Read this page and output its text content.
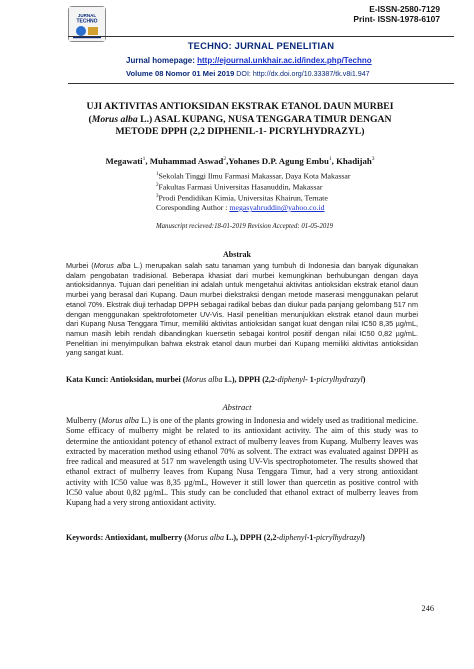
JURNAL
TECHNO
E-ISSN-2580-7129
Print- ISSN-1978-6107
TECHNO: JURNAL PENELITIAN
Jurnal homepage: http://ejournal.unkhair.ac.id/index.php/Techno
Volume 08 Nomor 01 Mei 2019 DOI: http://dx.doi.org/10.33387/tk.v8i1.947
UJI AKTIVITAS ANTIOKSIDAN EKSTRAK ETANOL DAUN MURBEI
(Morus alba L.) ASAL KUPANG, NUSA TENGGARA TIMUR DENGAN
METODE DPPH (2,2 DIPHENIL-1- PICRYLHYDRAZYL)
Megawati$^1$, Muhammad Aswad$^2$,Yohanes D.P. Agung Embu$^1$, Khadijah$^3$
$^1$Sekolah Tinggi Ilmu Farmasi Makassar, Daya Kota Makassar
$^2$Fakultas Farmasi Universitas Hasanuddin, Makassar
$^3$Prodi Pendidikan Kimia, Universitas Khairun, Ternate
Coresponding Author : megasyahruddin@yahoo.co.id
Manuscript recieved:18-01-2019 Revision Accepted: 01-05-2019
Abstrak
Murbei (Morus alba L.) merupakan salah satu tanaman yang tumbuh di Indonesia dan banyak digunakan dalam pengobatan tradisional. Beberapa khasiat dari murbei kemungkinan berhubungan dengan daya antioksidannya. Tujuan dari penelitian ini adalah untuk mengetahui aktivitas antioksidan ekstrak etanol daun murbei yang berasal dari Kupang. Daun murbei diekstraksi dengan metode maserasi menggunakan pelarut etanol 70%. Ekstrak diuji terhadap DPPH sebagai radikal bebas dan diukur pada panjang gelombang 517 nm dengan menggunakan spektrofotometer UV-Vis. Hasil penelitian menunjukkan ekstrak etanol daun murbei dari Kupang Nusa Tenggara Timur, memiliki aktivitas antioksidan sangat kuat dengan nilai IC50 8,35 µg/mL, namun masih lebih rendah dibandingkan kuersetin sebagai kontrol positif dengan nilai IC50 0,82 µg/mL. Penelitian ini menyimpulkan bahwa ekstrak etanol daun murbei dari Kupang memiliki aktivitas antioksidan yang sangat kuat.
Kata Kunci: Antioksidan, murbei (Morus alba L.), DPPH (2,2-diphenyl- 1-picrylhydrazyl)
Abstract
Mulberry (Morus alba L.) is one of the plants growing in Indonesia and widely used as traditional medicine. Some efficacy of mulberry might be related to its antioxidant activity. The aim of this study was to determine the antioxidant potency of ethanol extract of mulberry leaves from Kupang. Mulberry leaves was extracted by maceration method using ethanol 70% as solvent. The extract was evaluated against DPPH as free radical and measured at 517 nm wavelength using UV-Vis spectrophotometer. The results showed that ethanol extract of mulberry leaves from Kupang Nusa Tenggara Timur, had a very strong antioxidant activity with IC50 value was 8,35 µg/mL, However it still lower than quercetin as positive control with IC50 value about 0,82 µg/mL. This study can be concluded that ethanol extract of mulberry leaves from Kupang had a very strong antioxidant activity.
Keywords: Antioxidant, mulberry (Morus alba L.), DPPH (2,2-diphenyl-1-picrylhydrazyl)
246
